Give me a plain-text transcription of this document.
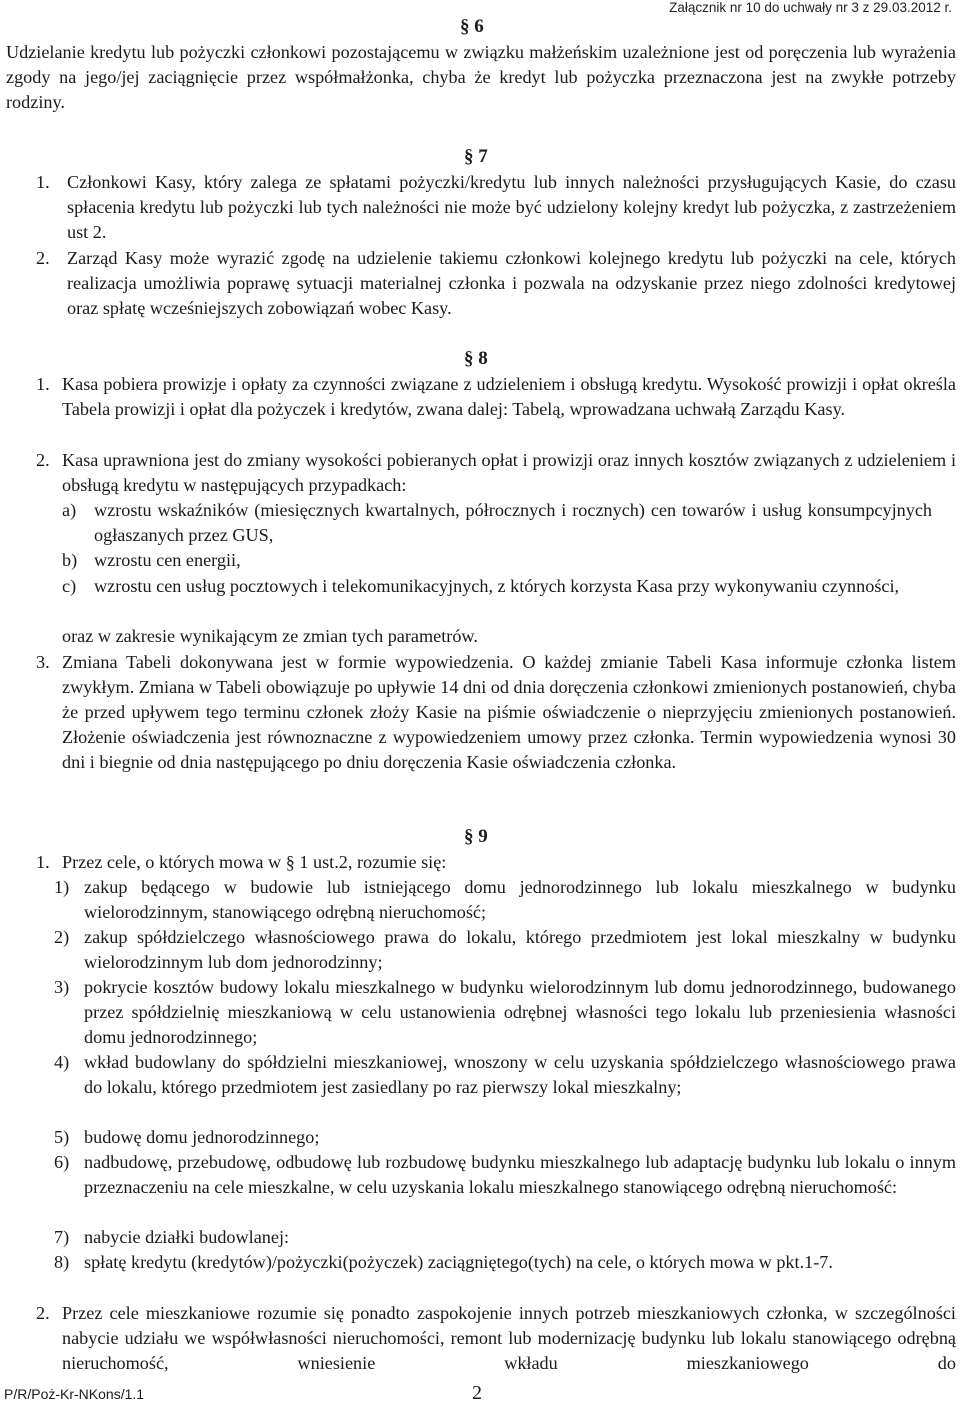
Załącznik nr 10 do uchwały nr 3 z 29.03.2012 r.
§ 6
Udzielanie kredytu lub pożyczki członkowi pozostającemu w związku małżeńskim uzależnione jest od poręczenia lub wyrażenia zgody na jego/jej zaciągnięcie przez współmałżonka, chyba że kredyt lub pożyczka przeznaczona jest na zwykłe potrzeby rodziny.
§ 7
1. Członkowi Kasy, który zalega ze spłatami pożyczki/kredytu lub innych należności przysługujących Kasie, do czasu spłacenia kredytu lub pożyczki lub tych należności nie może być udzielony kolejny kredyt lub pożyczka, z zastrzeżeniem ust 2.
2. Zarząd Kasy może wyrazić zgodę na udzielenie takiemu członkowi kolejnego kredytu lub pożyczki na cele, których realizacja umożliwia poprawę sytuacji materialnej członka i pozwala na odzyskanie przez niego zdolności kredytowej oraz spłatę wcześniejszych zobowiązań wobec Kasy.
§ 8
1. Kasa pobiera prowizje i opłaty za czynności związane z udzieleniem i obsługą kredytu. Wysokość prowizji i opłat określa Tabela prowizji i opłat dla pożyczek i kredytów, zwana dalej: Tabelą, wprowadzana uchwałą Zarządu Kasy.
2. Kasa uprawniona jest do zmiany wysokości pobieranych opłat i prowizji oraz innych kosztów związanych z udzieleniem i obsługą kredytu w następujących przypadkach:
a) wzrostu wskaźników (miesięcznych kwartalnych, półrocznych i rocznych) cen towarów i usług konsumpcyjnych ogłaszanych przez GUS,
b) wzrostu cen energii,
c) wzrostu cen usług pocztowych i telekomunikacyjnych, z których korzysta Kasa przy wykonywaniu czynności,
oraz w zakresie wynikającym ze zmian tych parametrów.
3. Zmiana Tabeli dokonywana jest w formie wypowiedzenia. O każdej zmianie Tabeli Kasa informuje członka listem zwykłym. Zmiana w Tabeli obowiązuje po upływie 14 dni od dnia doręczenia członkowi zmienionych postanowień, chyba że przed upływem tego terminu członek złoży Kasie na piśmie oświadczenie o nieprzyjęciu zmienionych postanowień. Złożenie oświadczenia jest równoznaczne z wypowiedzeniem umowy przez członka. Termin wypowiedzenia wynosi 30 dni i biegnie od dnia następującego po dniu doręczenia Kasie oświadczenia członka.
§ 9
1. Przez cele, o których mowa w § 1 ust.2, rozumie się:
1) zakup będącego w budowie lub istniejącego domu jednorodzinnego lub lokalu mieszkalnego w budynku wielorodzinnym, stanowiącego odrębną nieruchomość;
2) zakup spółdzielczego własnościowego prawa do lokalu, którego przedmiotem jest lokal mieszkalny w budynku wielorodzinnym lub dom jednorodzinny;
3) pokrycie kosztów budowy lokalu mieszkalnego w budynku wielorodzinnym lub domu jednorodzinnego, budowanego przez spółdzielnię mieszkaniową w celu ustanowienia odrębnej własności tego lokalu lub przeniesienia własności domu jednorodzinnego;
4) wkład budowlany do spółdzielni mieszkaniowej, wnoszony w celu uzyskania spółdzielczego własnościowego prawa do lokalu, którego przedmiotem jest zasiedlany po raz pierwszy lokal mieszkalny;
5) budowę domu jednorodzinnego;
6) nadbudowę, przebudowę, odbudowę lub rozbudowę budynku mieszkalnego lub adaptację budynku lub lokalu o innym przeznaczeniu na cele mieszkalne, w celu uzyskania lokalu mieszkalnego stanowiącego odrębną nieruchomość:
7) nabycie działki budowlanej:
8) spłatę kredytu (kredytów)/pożyczki(pożyczek) zaciągniętego(tych) na cele, o których mowa w pkt.1-7.
2. Przez cele mieszkaniowe rozumie się ponadto zaspokojenie innych potrzeb mieszkaniowych członka, w szczególności nabycie udziału we współwłasności nieruchomości, remont lub modernizację budynku lub lokalu stanowiącego odrębną nieruchomość, wniesienie wkładu mieszkaniowego do
P/R/Poż-Kr-NKons/1.1	2
